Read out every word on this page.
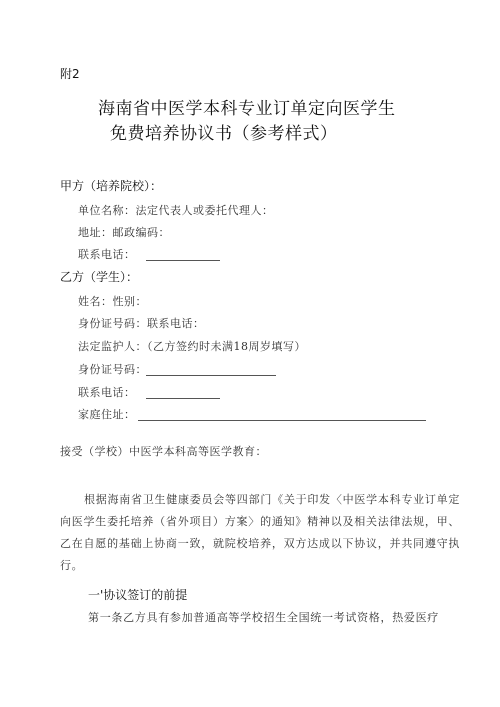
附2
海南省中医学本科专业订单定向医学生
免费培养协议书（参考样式）
甲方（培养院校）：
单位名称：法定代表人或委托代理人：
地址：邮政编码：
联系电话：
乙方（学生）：
姓名：性别：
身份证号码：联系电话：
法定监护人：（乙方签约时未满18周岁填写）
身份证号码：
联系电话：
家庭住址：
接受（学校）中医学本科高等医学教育：
根据海南省卫生健康委员会等四部门《关于印发〈中医学本科专业订单定向医学生委托培养（省外项目）方案〉的通知》精神以及相关法律法规，甲、乙在自愿的基础上协商一致，就院校培养，双方达成以下协议，并共同遵守执行。
一'协议签订的前提
第一条乙方具有参加普通高等学校招生全国统一考试资格，热爱医疗
